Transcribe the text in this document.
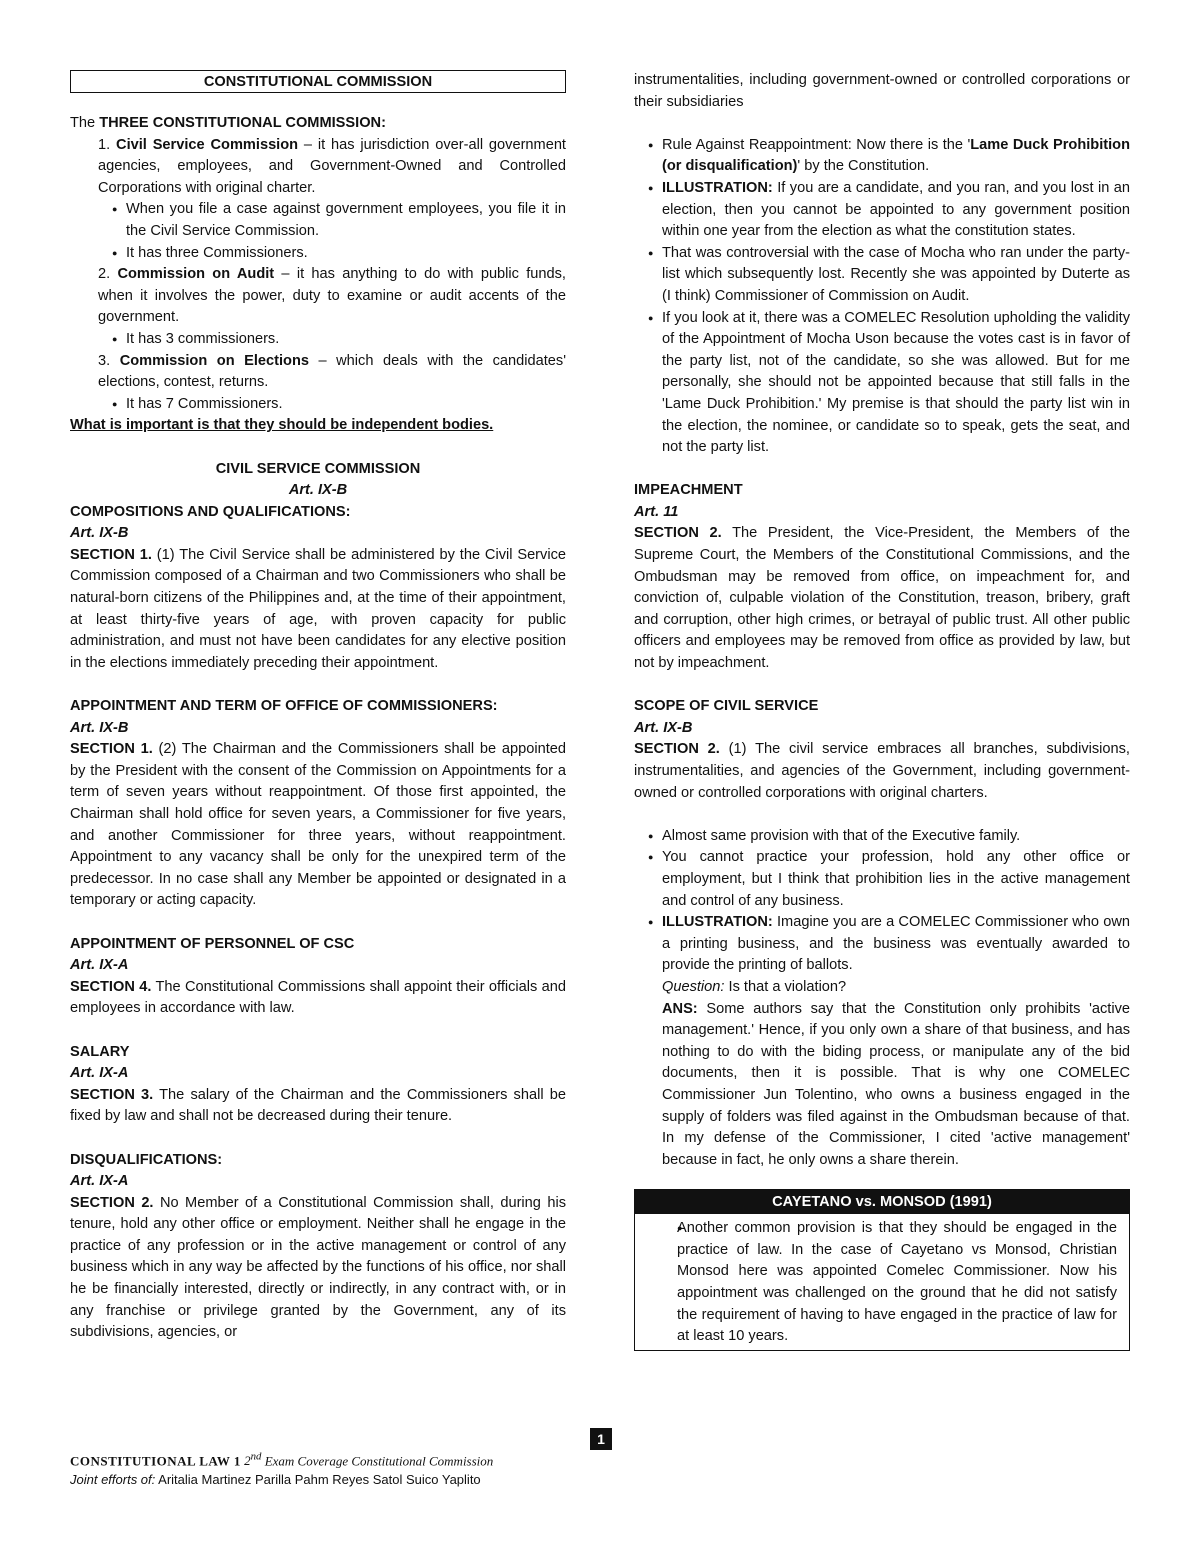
CONSTITUTIONAL COMMISSION

The THREE CONSTITUTIONAL COMMISSION:

1. Civil Service Commission – it has jurisdiction over-all government agencies, employees, and Government-Owned and Controlled Corporations with original charter.

● When you file a case against government employees, you file it in the Civil Service Commission.

● It has three Commissioners.

2. Commission on Audit – it has anything to do with public funds, when it involves the power, duty to examine or audit accents of the government.

● It has 3 commissioners.

3. Commission on Elections – which deals with the candidates' elections, contest, returns.

● It has 7 Commissioners.

What is important is that they should be independent bodies.

CIVIL SERVICE COMMISSION

Art. IX-B

COMPOSITIONS AND QUALIFICATIONS:

Art. IX-B

SECTION 1. (1) The Civil Service shall be administered by the Civil Service Commission composed of a Chairman and two Commissioners who shall be natural-born citizens of the Philippines and, at the time of their appointment, at least thirty-five years of age, with proven capacity for public administration, and must not have been candidates for any elective position in the elections immediately preceding their appointment.

APPOINTMENT AND TERM OF OFFICE OF COMMISSIONERS:

Art. IX-B

SECTION 1. (2) The Chairman and the Commissioners shall be appointed by the President with the consent of the Commission on Appointments for a term of seven years without reappointment. Of those first appointed, the Chairman shall hold office for seven years, a Commissioner for five years, and another Commissioner for three years, without reappointment. Appointment to any vacancy shall be only for the unexpired term of the predecessor. In no case shall any Member be appointed or designated in a temporary or acting capacity.

APPOINTMENT OF PERSONNEL OF CSC

Art. IX-A

SECTION 4. The Constitutional Commissions shall appoint their officials and employees in accordance with law.

SALARY

Art. IX-A

SECTION 3. The salary of the Chairman and the Commissioners shall be fixed by law and shall not be decreased during their tenure.

DISQUALIFICATIONS:

Art. IX-A

SECTION 2. No Member of a Constitutional Commission shall, during his tenure, hold any other office or employment. Neither shall he engage in the practice of any profession or in the active management or control of any business which in any way be affected by the functions of his office, nor shall he be financially interested, directly or indirectly, in any contract with, or in any franchise or privilege granted by the Government, any of its subdivisions, agencies, or

instrumentalities, including government-owned or controlled corporations or their subsidiaries

● Rule Against Reappointment: Now there is the 'Lame Duck Prohibition (or disqualification)' by the Constitution.

● ILLUSTRATION: If you are a candidate, and you ran, and you lost in an election, then you cannot be appointed to any government position within one year from the election as what the constitution states.

● That was controversial with the case of Mocha who ran under the party-list which subsequently lost. Recently she was appointed by Duterte as (I think) Commissioner of Commission on Audit.

● If you look at it, there was a COMELEC Resolution upholding the validity of the Appointment of Mocha Uson because the votes cast is in favor of the party list, not of the candidate, so she was allowed. But for me personally, she should not be appointed because that still falls in the 'Lame Duck Prohibition.' My premise is that should the party list win in the election, the nominee, or candidate so to speak, gets the seat, and not the party list.

IMPEACHMENT

Art. 11

SECTION 2. The President, the Vice-President, the Members of the Supreme Court, the Members of the Constitutional Commissions, and the Ombudsman may be removed from office, on impeachment for, and conviction of, culpable violation of the Constitution, treason, bribery, graft and corruption, other high crimes, or betrayal of public trust. All other public officers and employees may be removed from office as provided by law, but not by impeachment.

SCOPE OF CIVIL SERVICE

Art. IX-B

SECTION 2. (1) The civil service embraces all branches, subdivisions, instrumentalities, and agencies of the Government, including government-owned or controlled corporations with original charters.

● Almost same provision with that of the Executive family.

● You cannot practice your profession, hold any other office or employment, but I think that prohibition lies in the active management and control of any business.

● ILLUSTRATION: Imagine you are a COMELEC Commissioner who own a printing business, and the business was eventually awarded to provide the printing of ballots.

Question: Is that a violation?

ANS: Some authors say that the Constitution only prohibits 'active management.' Hence, if you only own a share of that business, and has nothing to do with the biding process, or manipulate any of the bid documents, then it is possible. That is why one COMELEC Commissioner Jun Tolentino, who owns a business engaged in the supply of folders was filed against in the Ombudsman because of that. In my defense of the Commissioner, I cited 'active management' because in fact, he only owns a share therein.

CAYETANO vs. MONSOD (1991)

● Another common provision is that they should be engaged in the practice of law. In the case of Cayetano vs Monsod, Christian Monsod here was appointed Comelec Commissioner. Now his appointment was challenged on the ground that he did not satisfy the requirement of having to have engaged in the practice of law for at least 10 years.

1
CONSTITUTIONAL LAW 1 2nd Exam Coverage Constitutional Commission
Joint efforts of: Aritalia Martinez Parilla Pahm Reyes Satol Suico Yaplito
